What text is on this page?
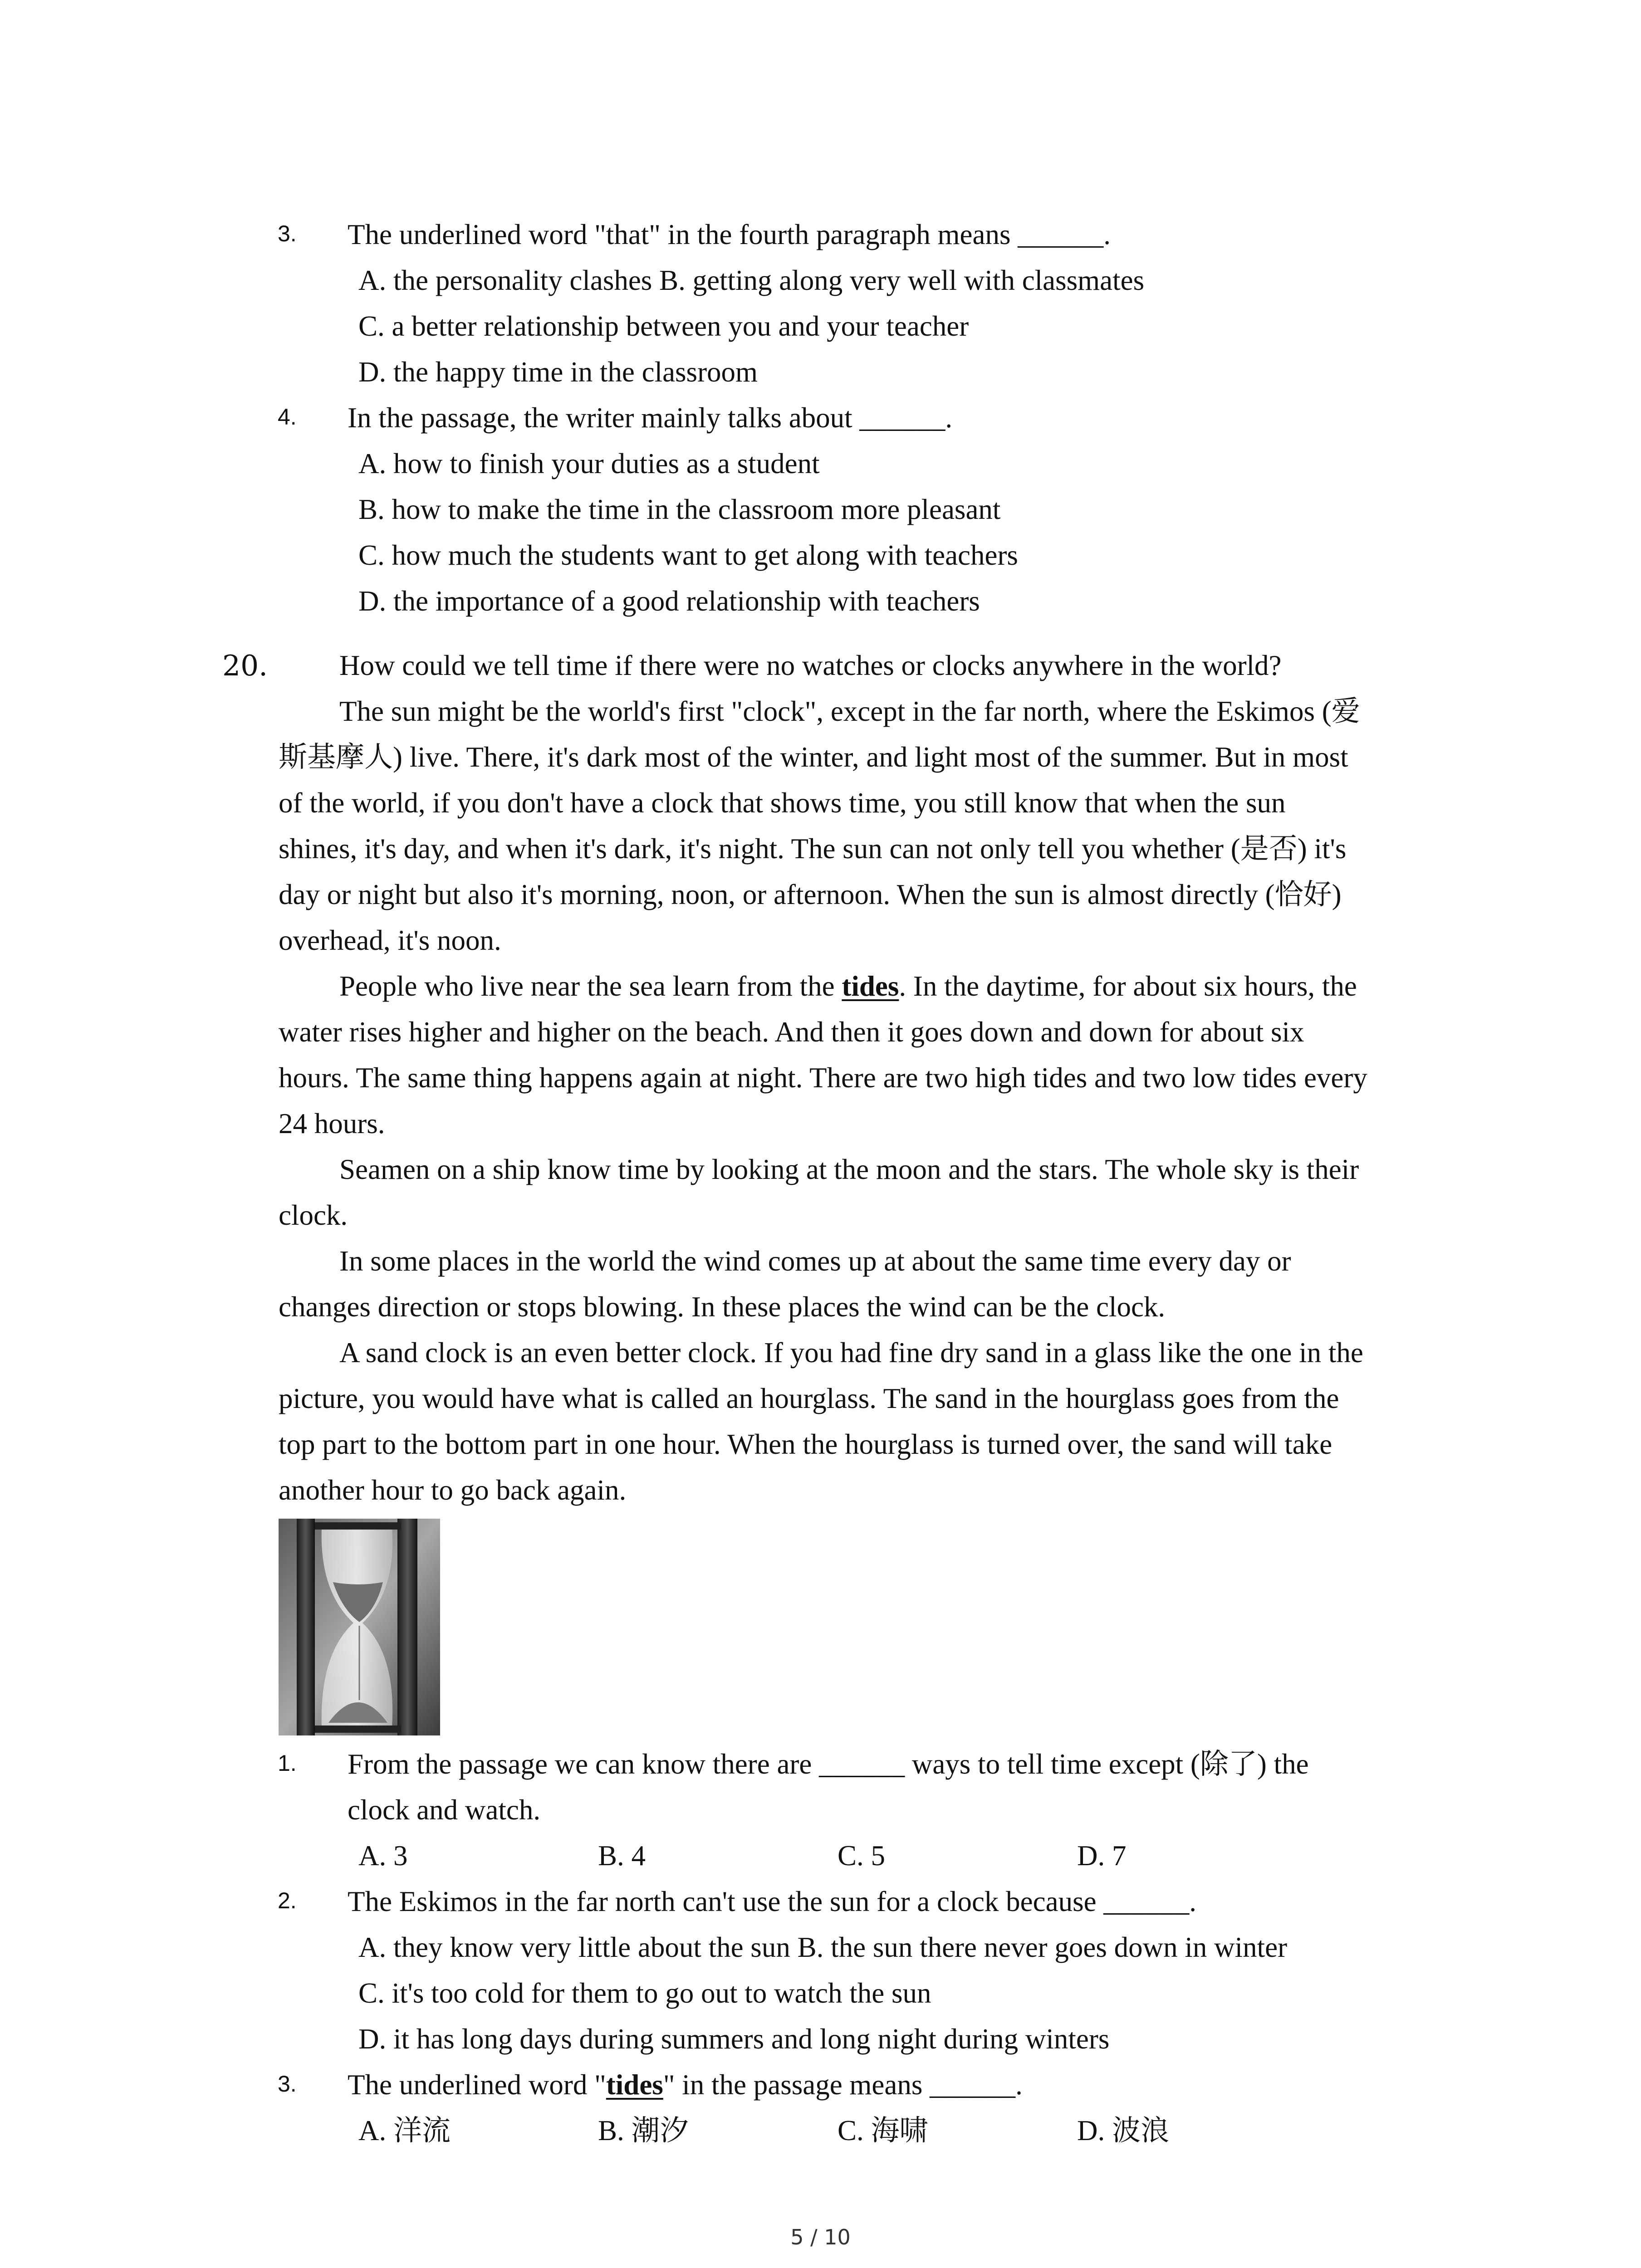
3. The underlined word "that" in the fourth paragraph means ______.
A. the personality clashes B. getting along very well with classmates
C. a better relationship between you and your teacher
D. the happy time in the classroom
4. In the passage, the writer mainly talks about ______.
A. how to finish your duties as a student
B. how to make the time in the classroom more pleasant
C. how much the students want to get along with teachers
D. the importance of a good relationship with teachers
20.	How could we tell time if there were no watches or clocks anywhere in the world?
The sun might be the world's first "clock", except in the far north, where the Eskimos (爱
斯基摩人) live. There, it's dark most of the winter, and light most of the summer. But in most
of the world, if you don't have a clock that shows time, you still know that when the sun
shines, it's day, and when it's dark, it's night. The sun can not only tell you whether (是否) it's
day or night but also it's morning, noon, or afternoon. When the sun is almost directly (恰好)
overhead, it's noon.
People who live near the sea learn from the tides. In the daytime, for about six hours, the
water rises higher and higher on the beach. And then it goes down and down for about six
hours. The same thing happens again at night. There are two high tides and two low tides every
24 hours.
Seamen on a ship know time by looking at the moon and the stars. The whole sky is their
clock.
In some places in the world the wind comes up at about the same time every day or
changes direction or stops blowing. In these places the wind can be the clock.
A sand clock is an even better clock. If you had fine dry sand in a glass like the one in the
picture, you would have what is called an hourglass. The sand in the hourglass goes from the
top part to the bottom part in one hour. When the hourglass is turned over, the sand will take
another hour to go back again.
1. From the passage we can know there are ______ ways to tell time except (除了) the
clock and watch.
A. 3	B. 4	C. 5	D. 7
2. The Eskimos in the far north can't use the sun for a clock because ______.
A. they know very little about the sun B. the sun there never goes down in winter
C. it's too cold for them to go out to watch the sun
D. it has long days during summers and long night during winters
3. The underlined word "tides" in the passage means ______.
A. 洋流	B. 潮汐	C. 海啸	D. 波浪
5 / 10
